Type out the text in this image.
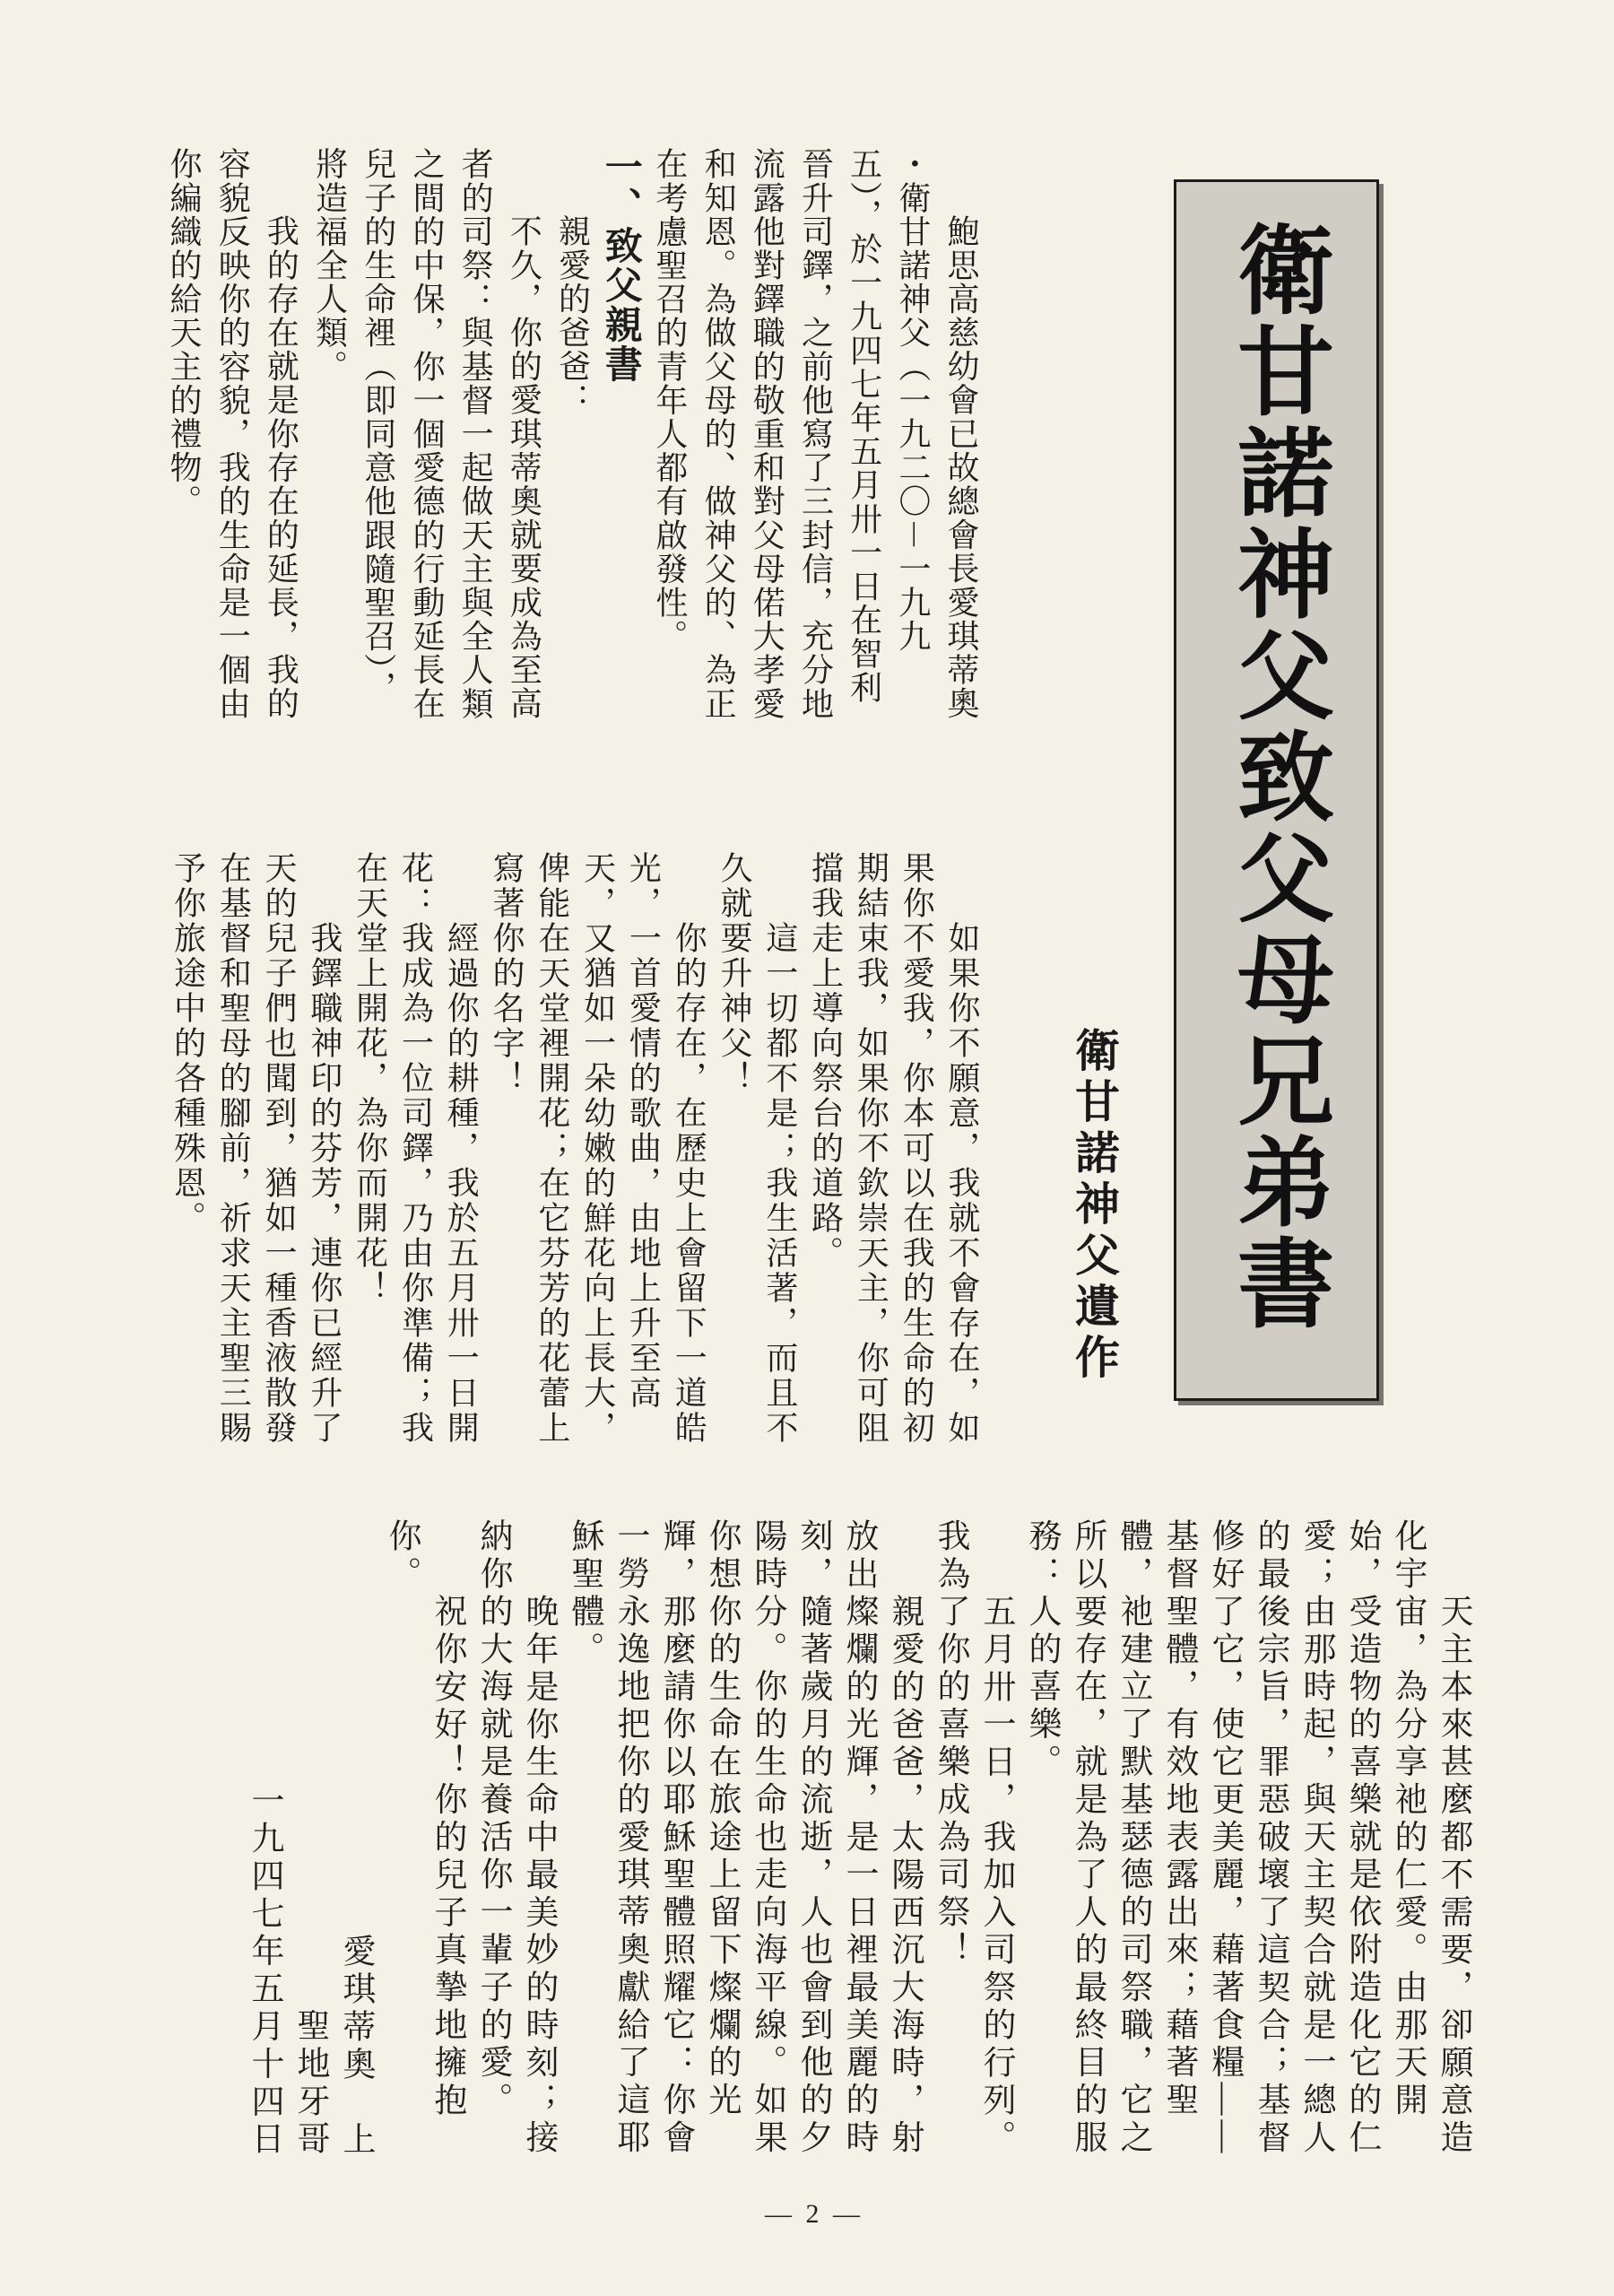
衛甘諾神父致父母兄弟書
衛甘諾神父遺作
鮑思高慈幼會已故總會長愛琪蒂奧
・衛甘諾神父（一九二〇－一九九
五），於一九四七年五月卅一日在智利
晉升司鐸，之前他寫了三封信，充分地
流露他對鐸職的敬重和對父母偌大孝愛
和知恩。為做父母的、做神父的、為正
在考慮聖召的青年人都有啟發性。
一、致父親書
親愛的爸爸：
不久，你的愛琪蒂奧就要成為至高
者的司祭：與基督一起做天主與全人類
之間的中保，你一個愛德的行動延長在
兒子的生命裡（即同意他跟隨聖召），
將造福全人類。
我的存在就是你存在的延長，我的
容貌反映你的容貌，我的生命是一個由
你編織的給天主的禮物。
如果你不願意，我就不會存在，如
果你不愛我，你本可以在我的生命的初
期結束我，如果你不欽崇天主，你可阻
擋我走上導向祭台的道路。
這一切都不是；我生活著，而且不
久就要升神父！
你的存在，在歷史上會留下一道皓
光，一首愛情的歌曲，由地上升至高
天，又猶如一朵幼嫩的鮮花向上長大，
俾能在天堂裡開花；在它芬芳的花蕾上
寫著你的名字！
經過你的耕種，我於五月卅一日開
花：我成為一位司鐸，乃由你準備；我
在天堂上開花，為你而開花！
我鐸職神印的芬芳，連你已經升了
天的兒子們也聞到，猶如一種香液散發
在基督和聖母的腳前，祈求天主聖三賜
予你旅途中的各種殊恩。
天主本來甚麼都不需要，卻願意造
化宇宙，為分享祂的仁愛。由那天開
始，受造物的喜樂就是依附造化它的仁
愛；由那時起，與天主契合就是一總人
的最後宗旨，罪惡破壞了這契合；基督
修好了它，使它更美麗，藉著食糧——
基督聖體，有效地表露出來；藉著聖
體，祂建立了默基瑟德的司祭職，它之
所以要存在，就是為了人的最終目的服
務：人的喜樂。
五月卅一日，我加入司祭的行列。
我為了你的喜樂成為司祭！
親愛的爸爸，太陽西沉大海時，射
放出燦爛的光輝，是一日裡最美麗的時
刻，隨著歲月的流逝，人也會到他的夕
陽時分。你的生命也走向海平線。如果
你想你的生命在旅途上留下燦爛的光
輝，那麼請你以耶穌聖體照耀它：你會
一勞永逸地把你的愛琪蒂奧獻給了這耶
穌聖體。
晚年是你生命中最美妙的時刻；接
納你的大海就是養活你一輩子的愛。
祝你安好！你的兒子真摯地擁抱
你。
愛琪蒂奧　上
聖地牙哥
一九四七年五月十四日
— 2 —
